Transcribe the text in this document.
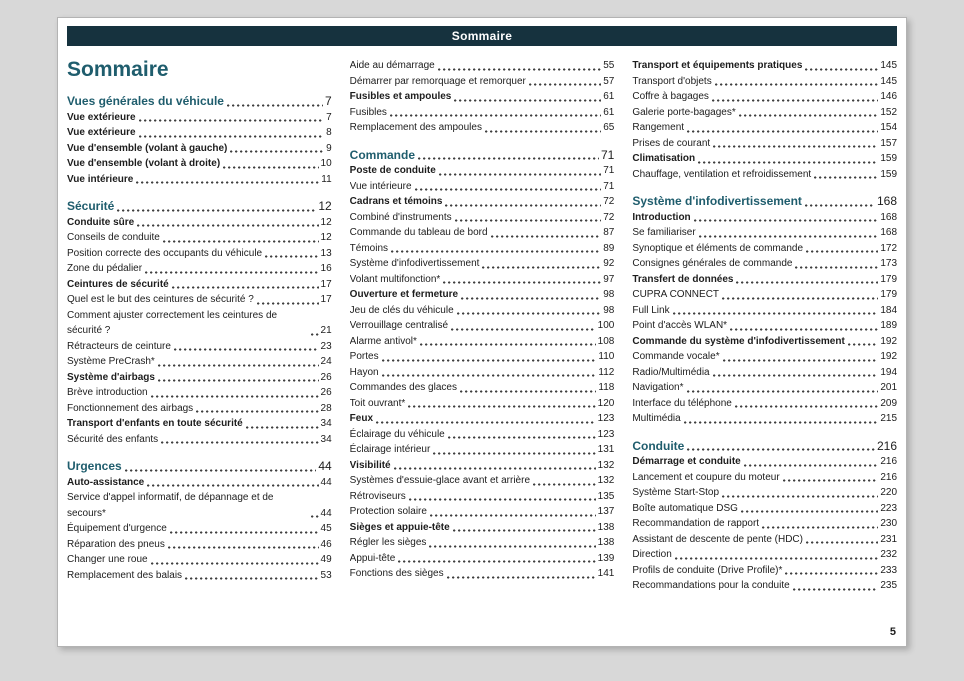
Sommaire
Sommaire
Vues générales du véhicule	7
Vue extérieure	7
Vue extérieure	8
Vue d'ensemble (volant à gauche)	9
Vue d'ensemble (volant à droite)	10
Vue intérieure	11
Sécurité	12
Conduite sûre	12
Conseils de conduite	12
Position correcte des occupants du véhicule	13
Zone du pédalier	16
Ceintures de sécurité	17
Quel est le but des ceintures de sécurité ?	17
Comment ajuster correctement les ceintures de sécurité ?	21
Rétracteurs de ceinture	23
Système PreCrash*	24
Système d'airbags	26
Brève introduction	26
Fonctionnement des airbags	28
Transport d'enfants en toute sécurité	34
Sécurité des enfants	34
Urgences	44
Auto-assistance	44
Service d'appel informatif, de dépannage et de secours*	44
Équipement d'urgence	45
Réparation des pneus	46
Changer une roue	49
Remplacement des balais	53
Aide au démarrage	55
Démarrer par remorquage et remorquer	57
Fusibles et ampoules	61
Fusibles	61
Remplacement des ampoules	65
Commande	71
Poste de conduite	71
Vue intérieure	71
Cadrans et témoins	72
Combiné d'instruments	72
Commande du tableau de bord	87
Témoins	89
Système d'infodivertissement	92
Volant multifonction*	97
Ouverture et fermeture	98
Jeu de clés du véhicule	98
Verrouillage centralisé	100
Alarme antivol*	108
Portes	110
Hayon	112
Commandes des glaces	118
Toit ouvrant*	120
Feux	123
Éclairage du véhicule	123
Éclairage intérieur	131
Visibilité	132
Systèmes d'essuie-glace avant et arrière	132
Rétroviseurs	135
Protection solaire	137
Sièges et appuie-tête	138
Régler les sièges	138
Appui-tête	139
Fonctions des sièges	141
Transport et équipements pratiques	145
Transport d'objets	145
Coffre à bagages	146
Galerie porte-bagages*	152
Rangement	154
Prises de courant	157
Climatisation	159
Chauffage, ventilation et refroidissement	159
Système d'infodivertissement	168
Introduction	168
Se familiariser	168
Synoptique et éléments de commande	172
Consignes générales de commande	173
Transfert de données	179
CUPRA CONNECT	179
Full Link	184
Point d'accès WLAN*	189
Commande du système d'infodivertissement	192
Commande vocale*	192
Radio/Multimédia	194
Navigation*	201
Interface du téléphone	209
Multimédia	215
Conduite	216
Démarrage et conduite	216
Lancement et coupure du moteur	216
Système Start-Stop	220
Boîte automatique DSG	223
Recommandation de rapport	230
Assistant de descente de pente (HDC)	231
Direction	232
Profils de conduite (Drive Profile)*	233
Recommandations pour la conduite	235
5
